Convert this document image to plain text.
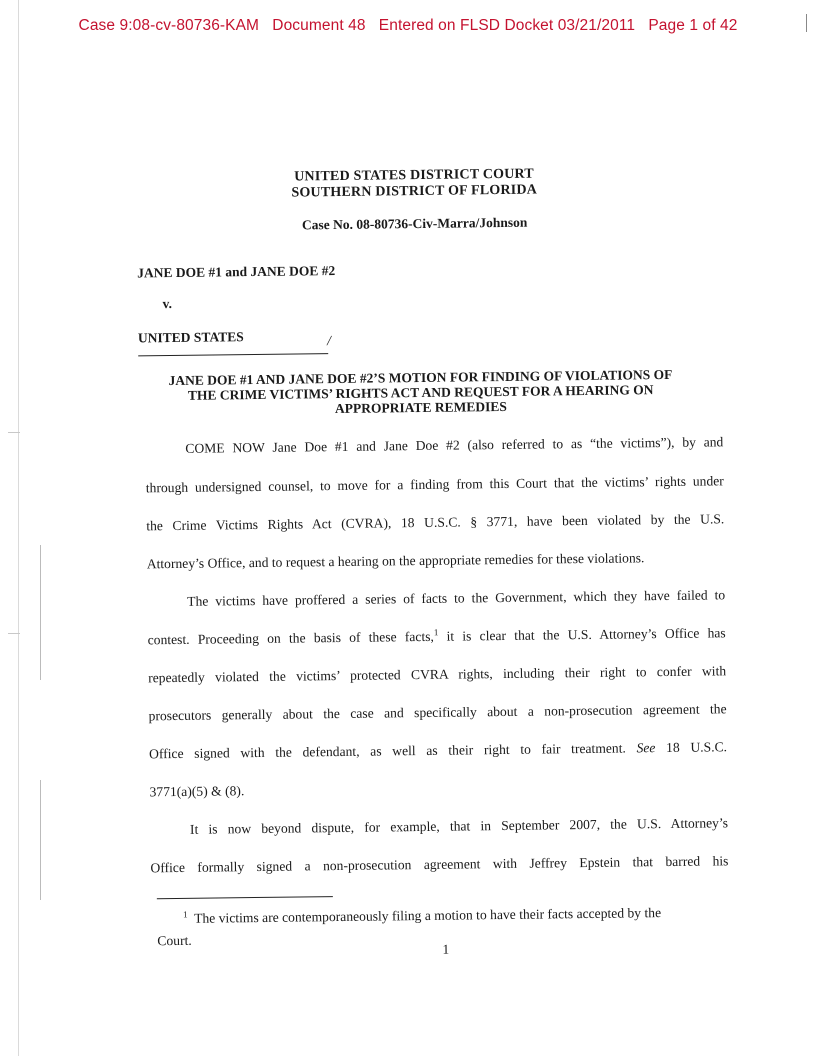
Case 9:08-cv-80736-KAM   Document 48   Entered on FLSD Docket 03/21/2011   Page 1 of 42
UNITED STATES DISTRICT COURT
SOUTHERN DISTRICT OF FLORIDA
Case No. 08-80736-Civ-Marra/Johnson
JANE DOE #1 and JANE DOE #2
v.
UNITED STATES	/
JANE DOE #1 AND JANE DOE #2’S MOTION FOR FINDING OF VIOLATIONS OF
THE CRIME VICTIMS’ RIGHTS ACT AND REQUEST FOR A HEARING ON
APPROPRIATE REMEDIES
COME NOW Jane Doe #1 and Jane Doe #2 (also referred to as “the victims”), by and
through undersigned counsel, to move for a finding from this Court that the victims’ rights under
the Crime Victims Rights Act (CVRA), 18 U.S.C. § 3771, have been violated by the U.S.
Attorney’s Office, and to request a hearing on the appropriate remedies for these violations.
The victims have proffered a series of facts to the Government, which they have failed to
contest. Proceeding on the basis of these facts,$^1$ it is clear that the U.S. Attorney’s Office has
repeatedly violated the victims’ protected CVRA rights, including their right to confer with
prosecutors generally about the case and specifically about a non-prosecution agreement the
Office signed with the defendant, as well as their right to fair treatment. See 18 U.S.C.
3771(a)(5) & (8).
It is now beyond dispute, for example, that in September 2007, the U.S. Attorney’s
Office formally signed a non-prosecution agreement with Jeffrey Epstein that barred his
$^1$ The victims are contemporaneously filing a motion to have their facts accepted by the
Court.
1
